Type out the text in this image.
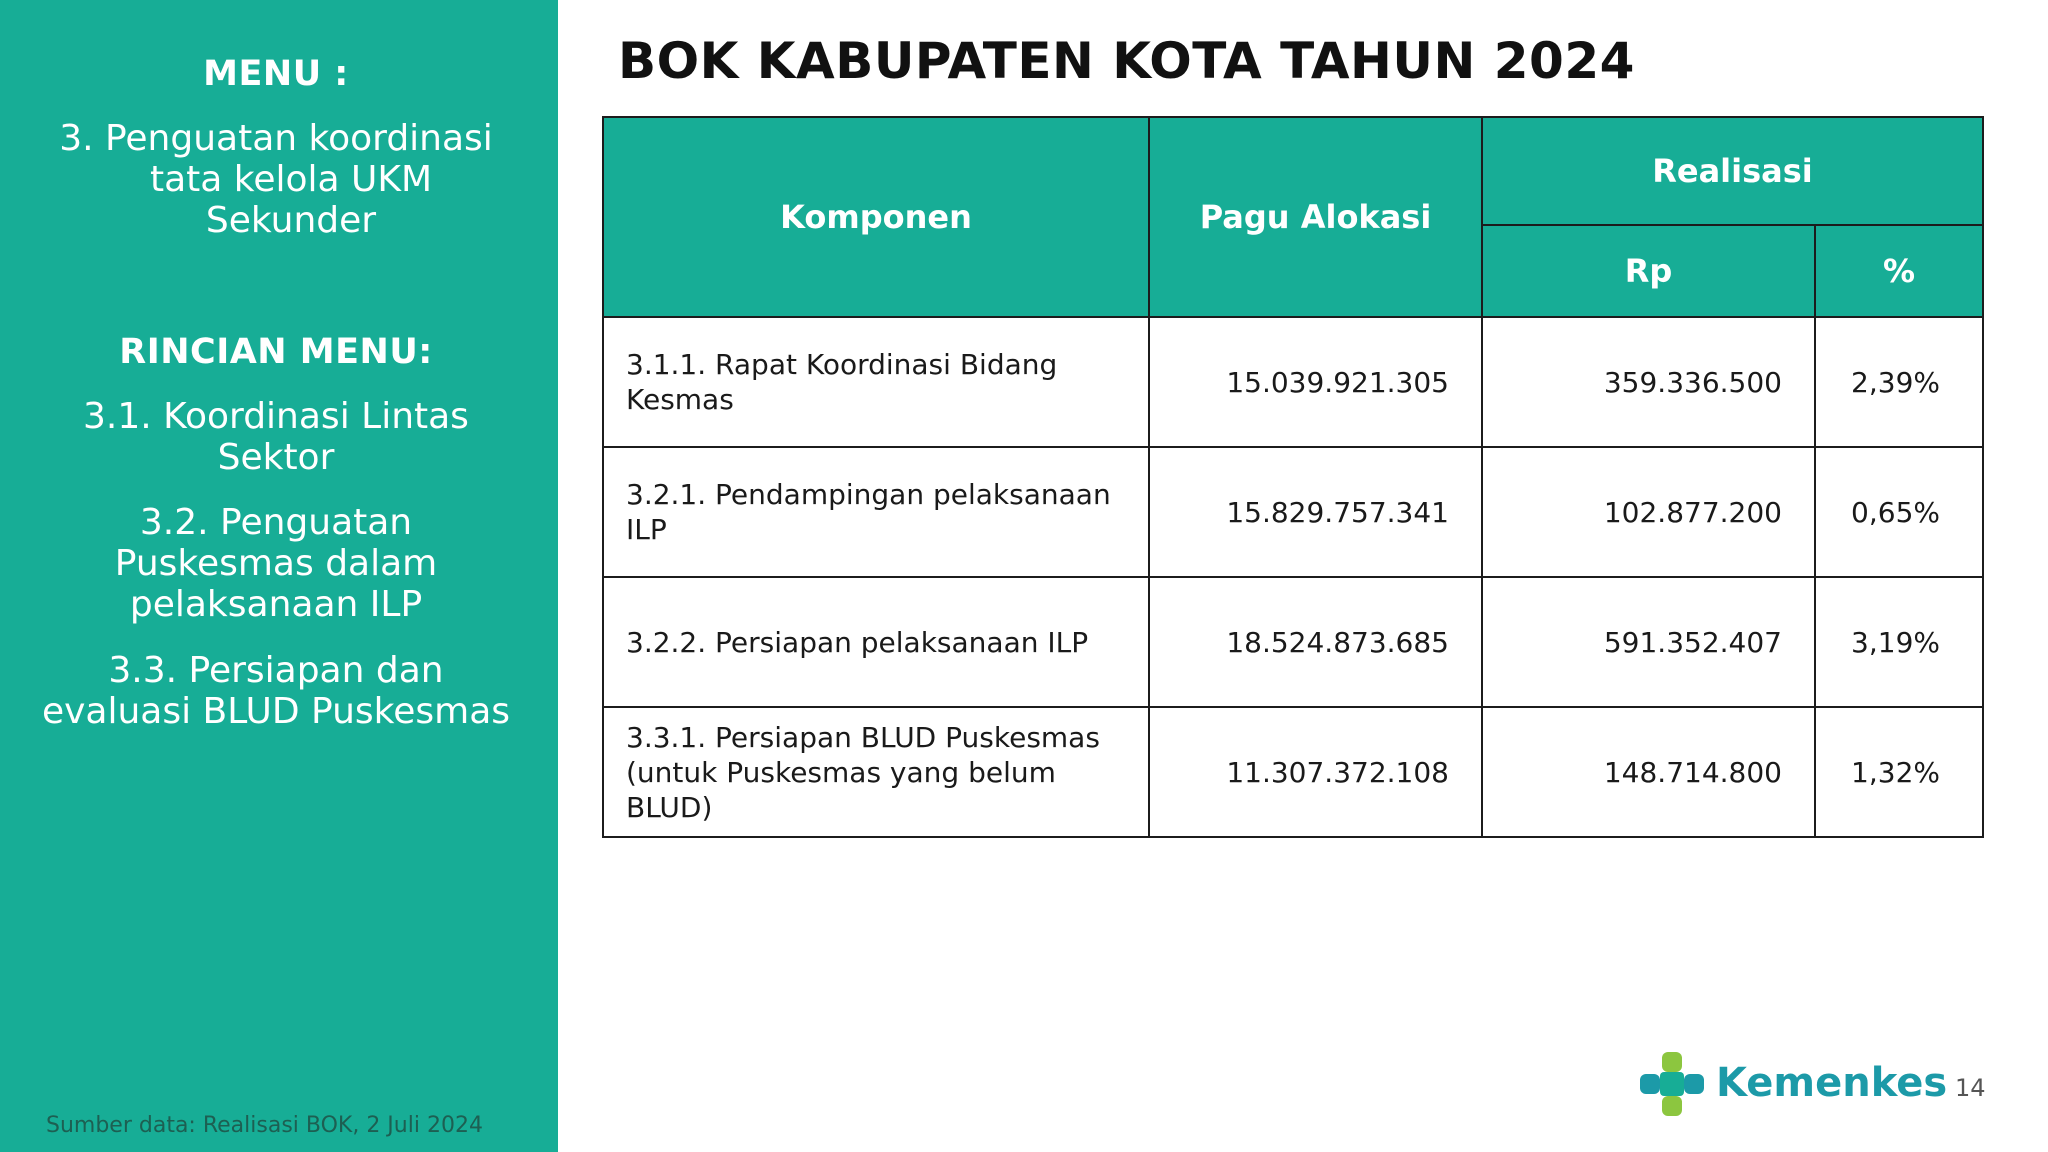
MENU :
3. Penguatan koordinasi
tata kelola UKM
Sekunder
RINCIAN MENU:
3.1. Koordinasi Lintas
Sektor
3.2. Penguatan
Puskesmas dalam
pelaksanaan ILP
3.3. Persiapan dan
evaluasi BLUD Puskesmas
Sumber data: Realisasi BOK, 2 Juli 2024
BOK KABUPATEN KOTA TAHUN 2024
Komponen	Pagu Alokasi	Realisasi	
		Rp	%

3.1.1. Rapat Koordinasi Bidang
Kesmas	15.039.921.305	359.336.500	2,39%

3.2.1. Pendampingan pelaksanaan
ILP	15.829.757.341	102.877.200	0,65%

3.2.2. Persiapan pelaksanaan ILP	18.524.873.685	591.352.407	3,19%

3.3.1. Persiapan BLUD Puskesmas
(untuk Puskesmas yang belum
BLUD)	11.307.372.108	148.714.800	1,32%
Kemenkes 14
